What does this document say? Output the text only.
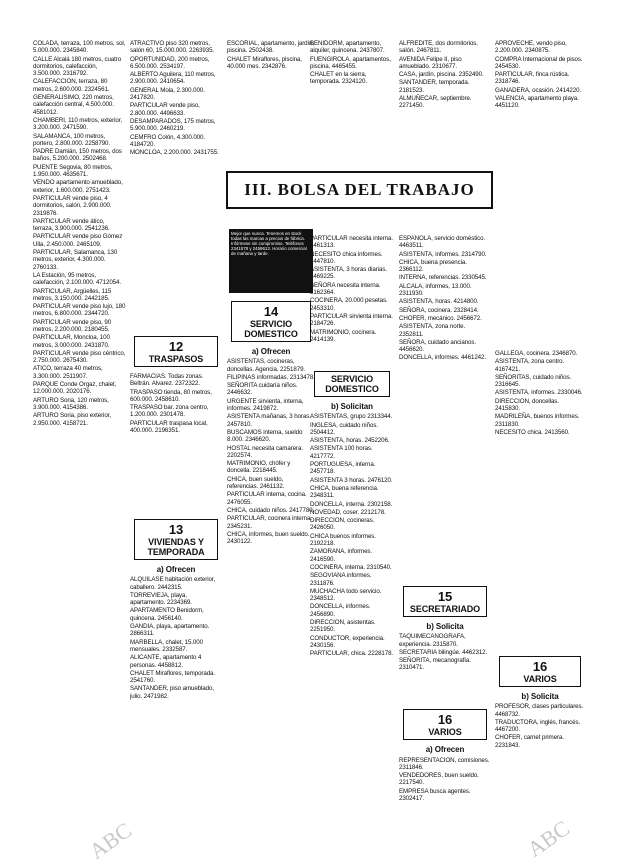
ABC	ABC
III. BOLSA DEL TRABAJO
Mejor que nunca. Tenemos en stock todas las marcas a precios de fábrica. Infórmese sin compromiso. Teléfonos 2341578 y 2459613. Horario comercial de mañana y tarde.

COLADA, terraza, 100 metros, sol, 5.000.000. 2345840.

CALLE Alcalá 180 metros, cuatro dormitorios, calefacción, 3.500.000. 2316792.

CALEFACCION, terraza, 80 metros, 2.600.000. 2324561.

GENERALISIMO, 220 metros, calefacción central, 4.500.000. 4581012.

CHAMBERI, 110 metros, exterior, 3.200.000. 2471590.

SALAMANCA, 100 metros, portero, 2.800.000. 2258790.

PADRE Damián, 150 metros, dos baños, 5.200.000. 2502468.

PUENTE Segovia, 80 metros, 1.950.000. 4635671.

VENDO apartamento amueblado, exterior, 1.600.000. 2751423.

PARTICULAR vende piso, 4 dormitorios, salón, 2.900.000. 2319876.

PARTICULAR vende ático, terraza, 3.900.000. 2541236.

PARTICULAR vende piso Gómez Ulla, 2.450.000. 2465109.

PARTICULAR, Salamanca, 130 metros, exterior, 4.300.000. 2760133.

LA Estación, 95 metros, calefacción, 2.100.000. 4712054.

PARTICULAR, Argüelles, 115 metros, 3.150.000. 2442185.

PARTICULAR vende piso lujo, 180 metros, 6.800.000. 2344720.

PARTICULAR vende piso, 90 metros, 2.200.000. 2180455.

PARTICULAR, Moncloa, 100 metros, 3.000.000. 2431870.

PARTICULAR vende piso céntrico, 2.750.000. 2675430.

ATICO, terraza 40 metros, 3.300.000. 2511907.

PARQUE Conde Orgaz, chalet, 12.000.000. 2020176.

ARTURO Soria, 120 metros, 3.900.000. 4154386.

ARTURO Soria, piso exterior, 2.950.000. 4158721.

ATRACTIVO piso 320 metros, salón 60, 15.000.000. 2263935.

OPORTUNIDAD, 200 metros, 6.500.000. 2534197.

ALBERTO Aguilera, 110 metros, 2.900.000. 2410654.

GENERAL Mola, 2.300.000. 2417820.

PARTICULAR vende piso, 2.800.000. 4496633.

DESAMPARADOS, 175 metros, 5.900.000. 2460219.

CEMFRO Colón, 4.300.000. 4184720.

MONCLOA, 2.200.000. 2431755.

12
TRASPASOS

FARMACIAS. Todas zonas. Beltrán. Alvarez. 2372322.

TRASPASO tienda, 80 metros, 600.000. 2458610.

TRASPASO bar, zona centro, 1.200.000. 2301478.

PARTICULAR traspasa local, 400.000. 2196351.

13
VIVIENDAS Y TEMPORADA
a) Ofrecen

ALQUILASE habitación exterior, caballero. 2442315.

TORREVIEJA, playa, apartamento. 2234369.

APARTAMENTO Benidorm, quincena. 2456140.

GANDIA, playa, apartamento. 2866311.

MARBELLA, chalet, 15.000 mensuales. 2332587.

ALICANTE, apartamento 4 personas. 4458812.

CHALET Miraflores, temporada. 2541760.

SANTANDER, piso amueblado, julio. 2471982.

ESCORIAL, apartamento, jardín, piscina. 2502438.

CHALET Miraflores, piscina, 40.000 mes. 2342876.

14
SERVICIO DOMESTICO
a) Ofrecen

ASISTENTAS, cocineras, doncellas. Agencia. 2251879.

FILIPINAS informadas. 2313478.

SEÑORITA cuidaría niños. 2446632.

URGENTE sirvienta, interna, informes. 2419872.

ASISTENTA mañanas, 3 horas. 2457810.

BUSCAMOS interna, sueldo 8.000. 2346620.

HOSTAL necesita camarera. 2202574.

MATRIMONIO, chófer y doncella. 2218445.

CHICA, buen sueldo, referencias. 2461132.

PARTICULAR interna, cocina. 2476055.

CHICA, cuidado niños. 2417780.

PARTICULAR, cocinera interna. 2345231.

CHICA, informes, buen sueldo. 2430122.

BENIDORM, apartamento, alquiler, quincena. 2437807.

FUENGIROLA, apartamentos, piscina. 4465455.

CHALET en la sierra, temporada. 2324120.

PARTICULAR necesita interna. 4461313.

NECESITO chica informes. 2447810.

ASISTENTA, 3 horas diarias. 2469225.

SEÑORA necesita interna. 2162364.

COCINERA, 20.000 pesetas. 2453310.

PARTICULAR sirvienta interna. 2184726.

MATRIMONIO, cocinera. 2414139.

SERVICIO DOMESTICO
b) Solicitan

ASISTENTAS, grupo 2313344.

INGLESA, cuidado niños. 2504412.

ASISTENTA, horas. 2452206.

ASISTENTA 100 horas. 4217772.

PORTUGUESA, interna. 2457718.

ASISTENTA 3 horas. 2476120.

CHICA, buena referencia. 2348311.

DONCELLA, interna. 2302158.

NOVEDAD, coser. 2212178.

DIRECCION, cocineras. 2426050.

CHICA buenos informes. 2192218.

ZAMORANA, informes. 2416590.

COCINERA, interna. 2310540.

SEGOVIANA informes. 2311876.

MUCHACHA todo servicio. 2348512.

DONCELLA, informes. 2456890.

DIRECCION, asistentas. 2251950.

CONDUCTOR, experiencia. 2430156.

PARTICULAR, chica. 2228178.

ALFREDITE, dos dormitorios, salón. 2467811.

AVENIDA Felipe II, piso amueblado. 2310677.

CASA, jardín, piscina. 2352490.

SANTANDER, temporada. 2181523.

ALMUÑECAR, septiembre. 2271450.

ESPAÑOLA, servicio doméstico. 4463511.

ASISTENTA, informes. 2314790.

CHICA, buena presencia. 2366112.

INTERNA, referencias. 2330545.

ALCALA, informes, 13.000. 2311930.

ASISTENTA, horas. 4214800.

SEÑORA, cocinera. 2328414.

CHOFER, mecánico. 2456672.

ASISTENTA, zona norte. 2352811.

SEÑORA, cuidado ancianos. 4456620.

DONCELLA, informes. 4461242.

15
SECRETARIADO
b) Solicita

TAQUIMECANOGRAFA, experiencia. 2315870.

SECRETARIA bilingüe. 4462312.

SEÑORITA, mecanografía. 2310471.

16
VARIOS
a) Ofrecen

REPRESENTACION, comisiones. 2311846.

VENDEDORES, buen sueldo. 2217540.

EMPRESA busca agentes. 2302417.

APROVECHE, vendo piso, 2.200.000. 2340875.

COMPRA Internacional de pisos. 2454530.

PARTICULAR, finca rústica. 2318746.

GANADERA, ocasión. 2414220.

VALENCIA, apartamento playa. 4451120.

GALLEGA, cocinera. 2346870.

ASISTENTA, zona centro. 4167421.

SEÑORITAS, cuidado niños. 2316645.

ASISTENTA, informes. 2330046.

DIRECCION, doncellas. 2415830.

MADRILEÑA, buenos informes. 2311830.

NECESITO chica. 2413560.

16
VARIOS
b) Solicita

PROFESOR, clases particulares. 4468732.

TRADUCTORA, inglés, francés. 4467200.

CHOFER, carnet primera. 2231843.
